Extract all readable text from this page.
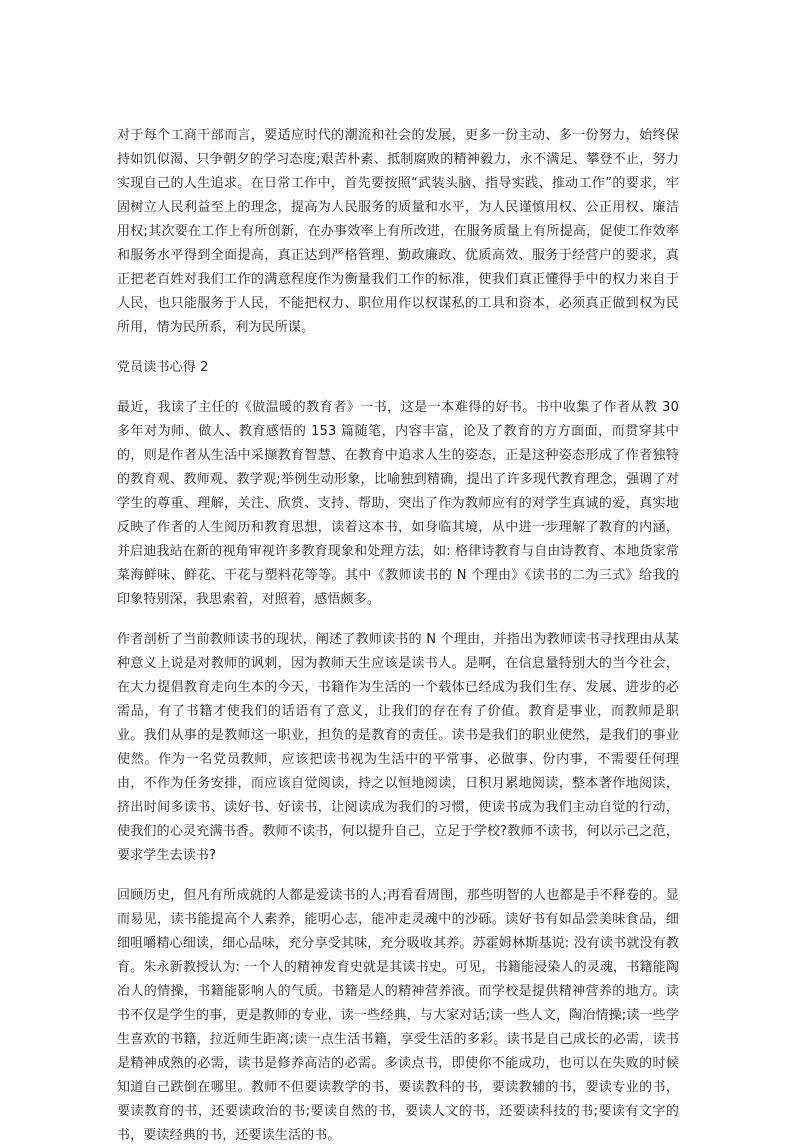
对于每个工商干部而言，要适应时代的潮流和社会的发展，更多一份主动、多一份努力，始终保持如饥似渴、只争朝夕的学习态度;艰苦朴素、抵制腐败的精神毅力，永不满足、攀登不止，努力实现自己的人生追求。在日常工作中，首先要按照“武装头脑、指导实践、推动工作”的要求，牢固树立人民利益至上的理念，提高为人民服务的质量和水平，为人民谨慎用权、公正用权、廉洁用权;其次要在工作上有所创新，在办事效率上有所改进，在服务质量上有所提高，促使工作效率和服务水平得到全面提高，真正达到严格管理、勤政廉政、优质高效、服务于经营户的要求，真正把老百姓对我们工作的满意程度作为衡量我们工作的标准，使我们真正懂得手中的权力来自于人民，也只能服务于人民，不能把权力、职位用作以权谋私的工具和资本，必须真正做到权为民所用，情为民所系，利为民所谋。

党员读书心得 2

最近，我读了主任的《做温暖的教育者》一书，这是一本难得的好书。书中收集了作者从教 30 多年对为师、做人、教育感悟的 153 篇随笔，内容丰富，论及了教育的方方面面，而贯穿其中的，则是作者从生活中采撷教育智慧、在教育中追求人生的姿态，正是这种姿态形成了作者独特的教育观、教师观、教学观;举例生动形象，比喻独到精确，提出了许多现代教育理念，强调了对学生的尊重、理解，关注、欣赏、支持、帮助，突出了作为教师应有的对学生真诚的爱，真实地反映了作者的人生阅历和教育思想，读着这本书，如身临其境，从中进一步理解了教育的内涵，并启迪我站在新的视角审视许多教育现象和处理方法，如: 格律诗教育与自由诗教育、本地货家常菜海鲜味、鲜花、干花与塑料花等等。其中《教师读书的 N 个理由》《读书的二为三式》给我的印象特别深，我思索着，对照着，感悟颇多。

作者剖析了当前教师读书的现状，阐述了教师读书的 N 个理由，并指出为教师读书寻找理由从某种意义上说是对教师的讽刺，因为教师天生应该是读书人。是啊，在信息量特别大的当今社会，在大力提倡教育走向生本的今天，书籍作为生活的一个载体已经成为我们生存、发展、进步的必需品，有了书籍才使我们的话语有了意义，让我们的存在有了价值。教育是事业，而教师是职业。我们从事的是教师这一职业，担负的是教育的责任。读书是我们的职业使然，是我们的事业使然。作为一名党员教师，应该把读书视为生活中的平常事、必做事、份内事，不需要任何理由，不作为任务安排，而应该自觉阅读，持之以恒地阅读，日积月累地阅读，整本著作地阅读，挤出时间多读书、读好书、好读书，让阅读成为我们的习惯，使读书成为我们主动自觉的行动，使我们的心灵充满书香。教师不读书，何以提升自己，立足于学校?教师不读书，何以示己之范，要求学生去读书?

回顾历史，但凡有所成就的人都是爱读书的人;再看看周围，那些明智的人也都是手不释卷的。显而易见，读书能提高个人素养，能明心志，能冲走灵魂中的沙砾。读好书有如品尝美味食品，细细咀嚼精心细读，细心品味，充分享受其味，充分吸收其养。苏霍姆林斯基说: 没有读书就没有教育。朱永新教授认为: 一个人的精神发育史就是其读书史。可见，书籍能浸染人的灵魂，书籍能陶冶人的情操，书籍能影响人的气质。书籍是人的精神营养液。而学校是提供精神营养的地方。读书不仅是学生的事，更是教师的专业，读一些经典，与大家对话;读一些人文，陶冶情操;读一些学生喜欢的书籍，拉近师生距离;读一点生活书籍，享受生活的多彩。读书是自己成长的必需，读书是精神成熟的必需，读书是修养高洁的必需。多读点书，即使你不能成功，也可以在失败的时候知道自己跌倒在哪里。教师不但要读教学的书，要读教科的书，要读教辅的书，要读专业的书，要读教育的书，还要读政治的书;要读自然的书，要读人文的书，还要读科技的书;要读有文字的书，要读经典的书，还要读生活的书。
